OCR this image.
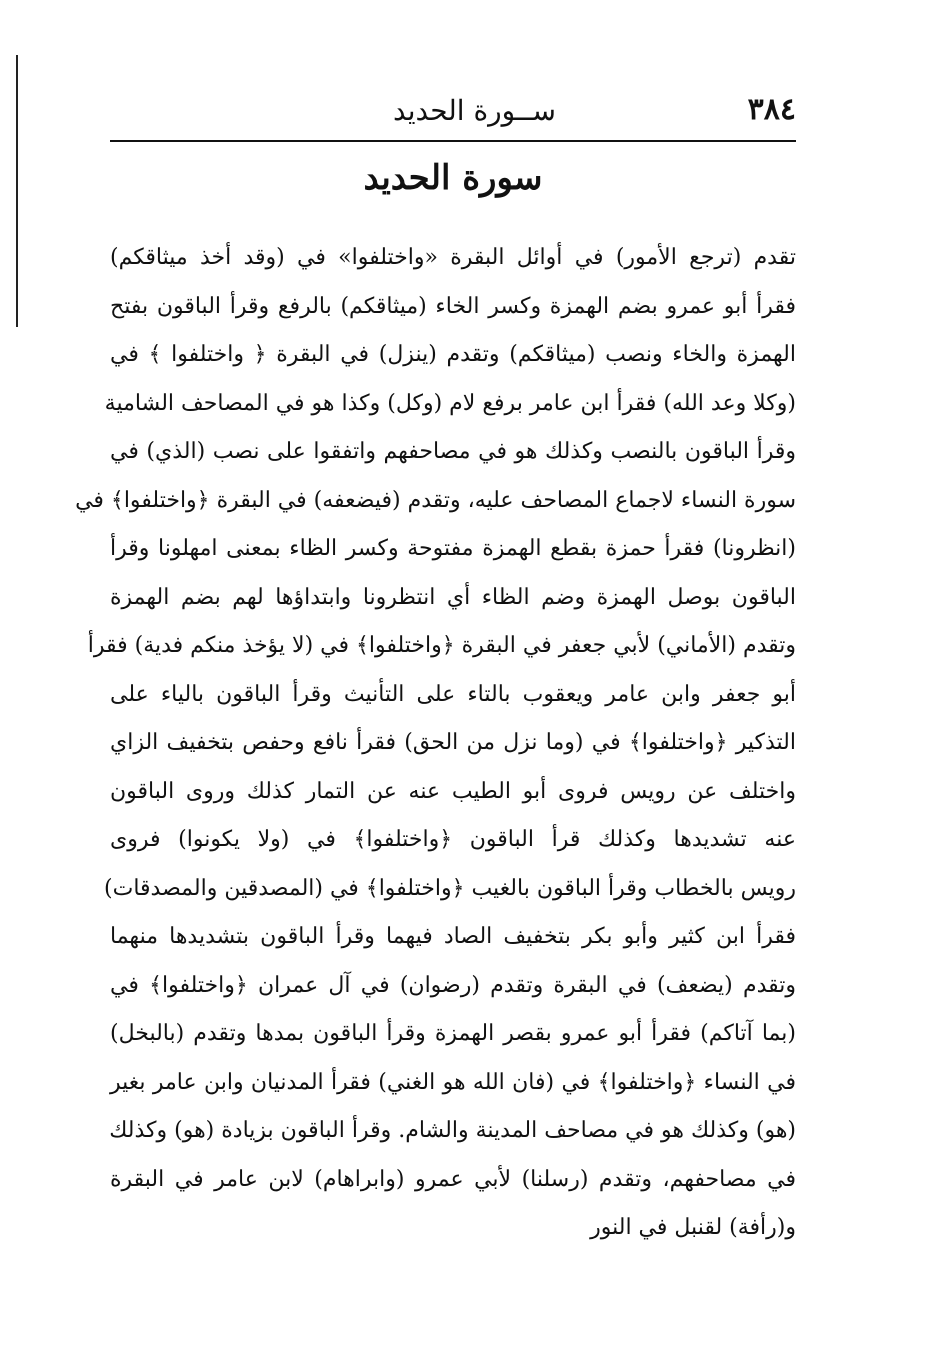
٣٨٤
ســورة الحديد
سورة الحديد
تقدم (ترجع الأمور) في أوائل البقرة «واختلفوا» في (وقد أخذ ميثاقكم)
فقرأ أبو عمرو بضم الهمزة وكسر الخاء (ميثاقكم) بالرفع وقرأ الباقون بفتح
الهمزة والخاء ونصب (ميثاقكم) وتقدم (ينزل) في البقرة ﴿ واختلفوا ﴾ في
(وكلا وعد الله) فقرأ ابن عامر برفع لام (وكل) وكذا هو في المصاحف الشامية
وقرأ الباقون بالنصب وكذلك هو في مصاحفهم واتفقوا على نصب (الذي) في
سورة النساء لاجماع المصاحف عليه، وتقدم (فيضعفه) في البقرة ﴿واختلفوا﴾ في
(انظرونا) فقرأ حمزة بقطع الهمزة مفتوحة وكسر الظاء بمعنى امهلونا وقرأ
الباقون بوصل الهمزة وضم الظاء أي انتظرونا وابتداؤها لهم بضم الهمزة
وتقدم (الأماني) لأبي جعفر في البقرة ﴿واختلفوا﴾ في (لا يؤخذ منكم فدية) فقرأ
أبو جعفر وابن عامر ويعقوب بالتاء على التأنيث وقرأ الباقون بالياء على
التذكير ﴿واختلفوا﴾ في (وما نزل من الحق) فقرأ نافع وحفص بتخفيف الزاي
واختلف عن رويس فروى أبو الطيب عنه عن التمار كذلك وروى الباقون
عنه تشديدها وكذلك قرأ الباقون ﴿واختلفوا﴾ في (ولا يكونوا) فروى
رويس بالخطاب وقرأ الباقون بالغيب ﴿واختلفوا﴾ في (المصدقين والمصدقات)
فقرأ ابن كثير وأبو بكر بتخفيف الصاد فيهما وقرأ الباقون بتشديدها منهما
وتقدم (يضعف) في البقرة وتقدم (رضوان) في آل عمران ﴿واختلفوا﴾ في
(بما آتاكم) فقرأ أبو عمرو بقصر الهمزة وقرأ الباقون بمدها وتقدم (بالبخل)
في النساء ﴿واختلفوا﴾ في (فان الله هو الغني) فقرأ المدنيان وابن عامر بغير
(هو) وكذلك هو في مصاحف المدينة والشام. وقرأ الباقون بزيادة (هو) وكذلك
في مصاحفهم، وتقدم (رسلنا) لأبي عمرو (وابراهام) لابن عامر في البقرة
و(رأفة) لقنبل في النور
